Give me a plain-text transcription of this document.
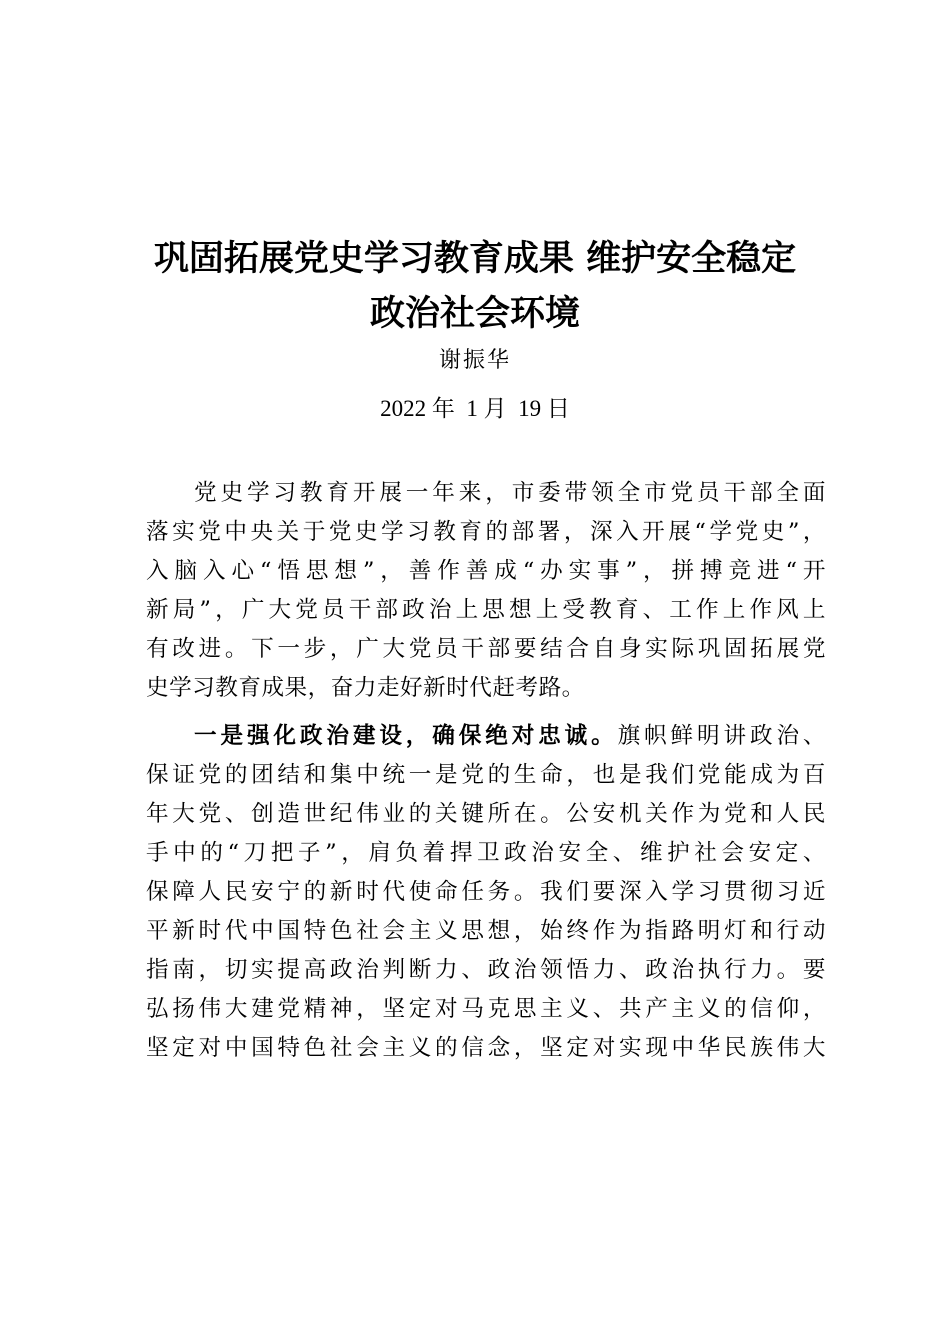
巩固拓展党史学习教育成果 维护安全稳定
政治社会环境
谢振华
2022 年  1 月  19 日
党史学习教育开展一年来，市委带领全市党员干部全面
落实党中央关于党史学习教育的部署，深入开展“学党史”，
入脑入心“悟思想”，善作善成“办实事”，拼搏竞进“开
新局”，广大党员干部政治上思想上受教育、工作上作风上
有改进。下一步，广大党员干部要结合自身实际巩固拓展党
史学习教育成果，奋力走好新时代赶考路。
一是强化政治建设，确保绝对忠诚。旗帜鲜明讲政治、
保证党的团结和集中统一是党的生命，也是我们党能成为百
年大党、创造世纪伟业的关键所在。公安机关作为党和人民
手中的“刀把子”，肩负着捍卫政治安全、维护社会安定、
保障人民安宁的新时代使命任务。我们要深入学习贯彻习近
平新时代中国特色社会主义思想，始终作为指路明灯和行动
指南，切实提高政治判断力、政治领悟力、政治执行力。要
弘扬伟大建党精神，坚定对马克思主义、共产主义的信仰，
坚定对中国特色社会主义的信念，坚定对实现中华民族伟大
